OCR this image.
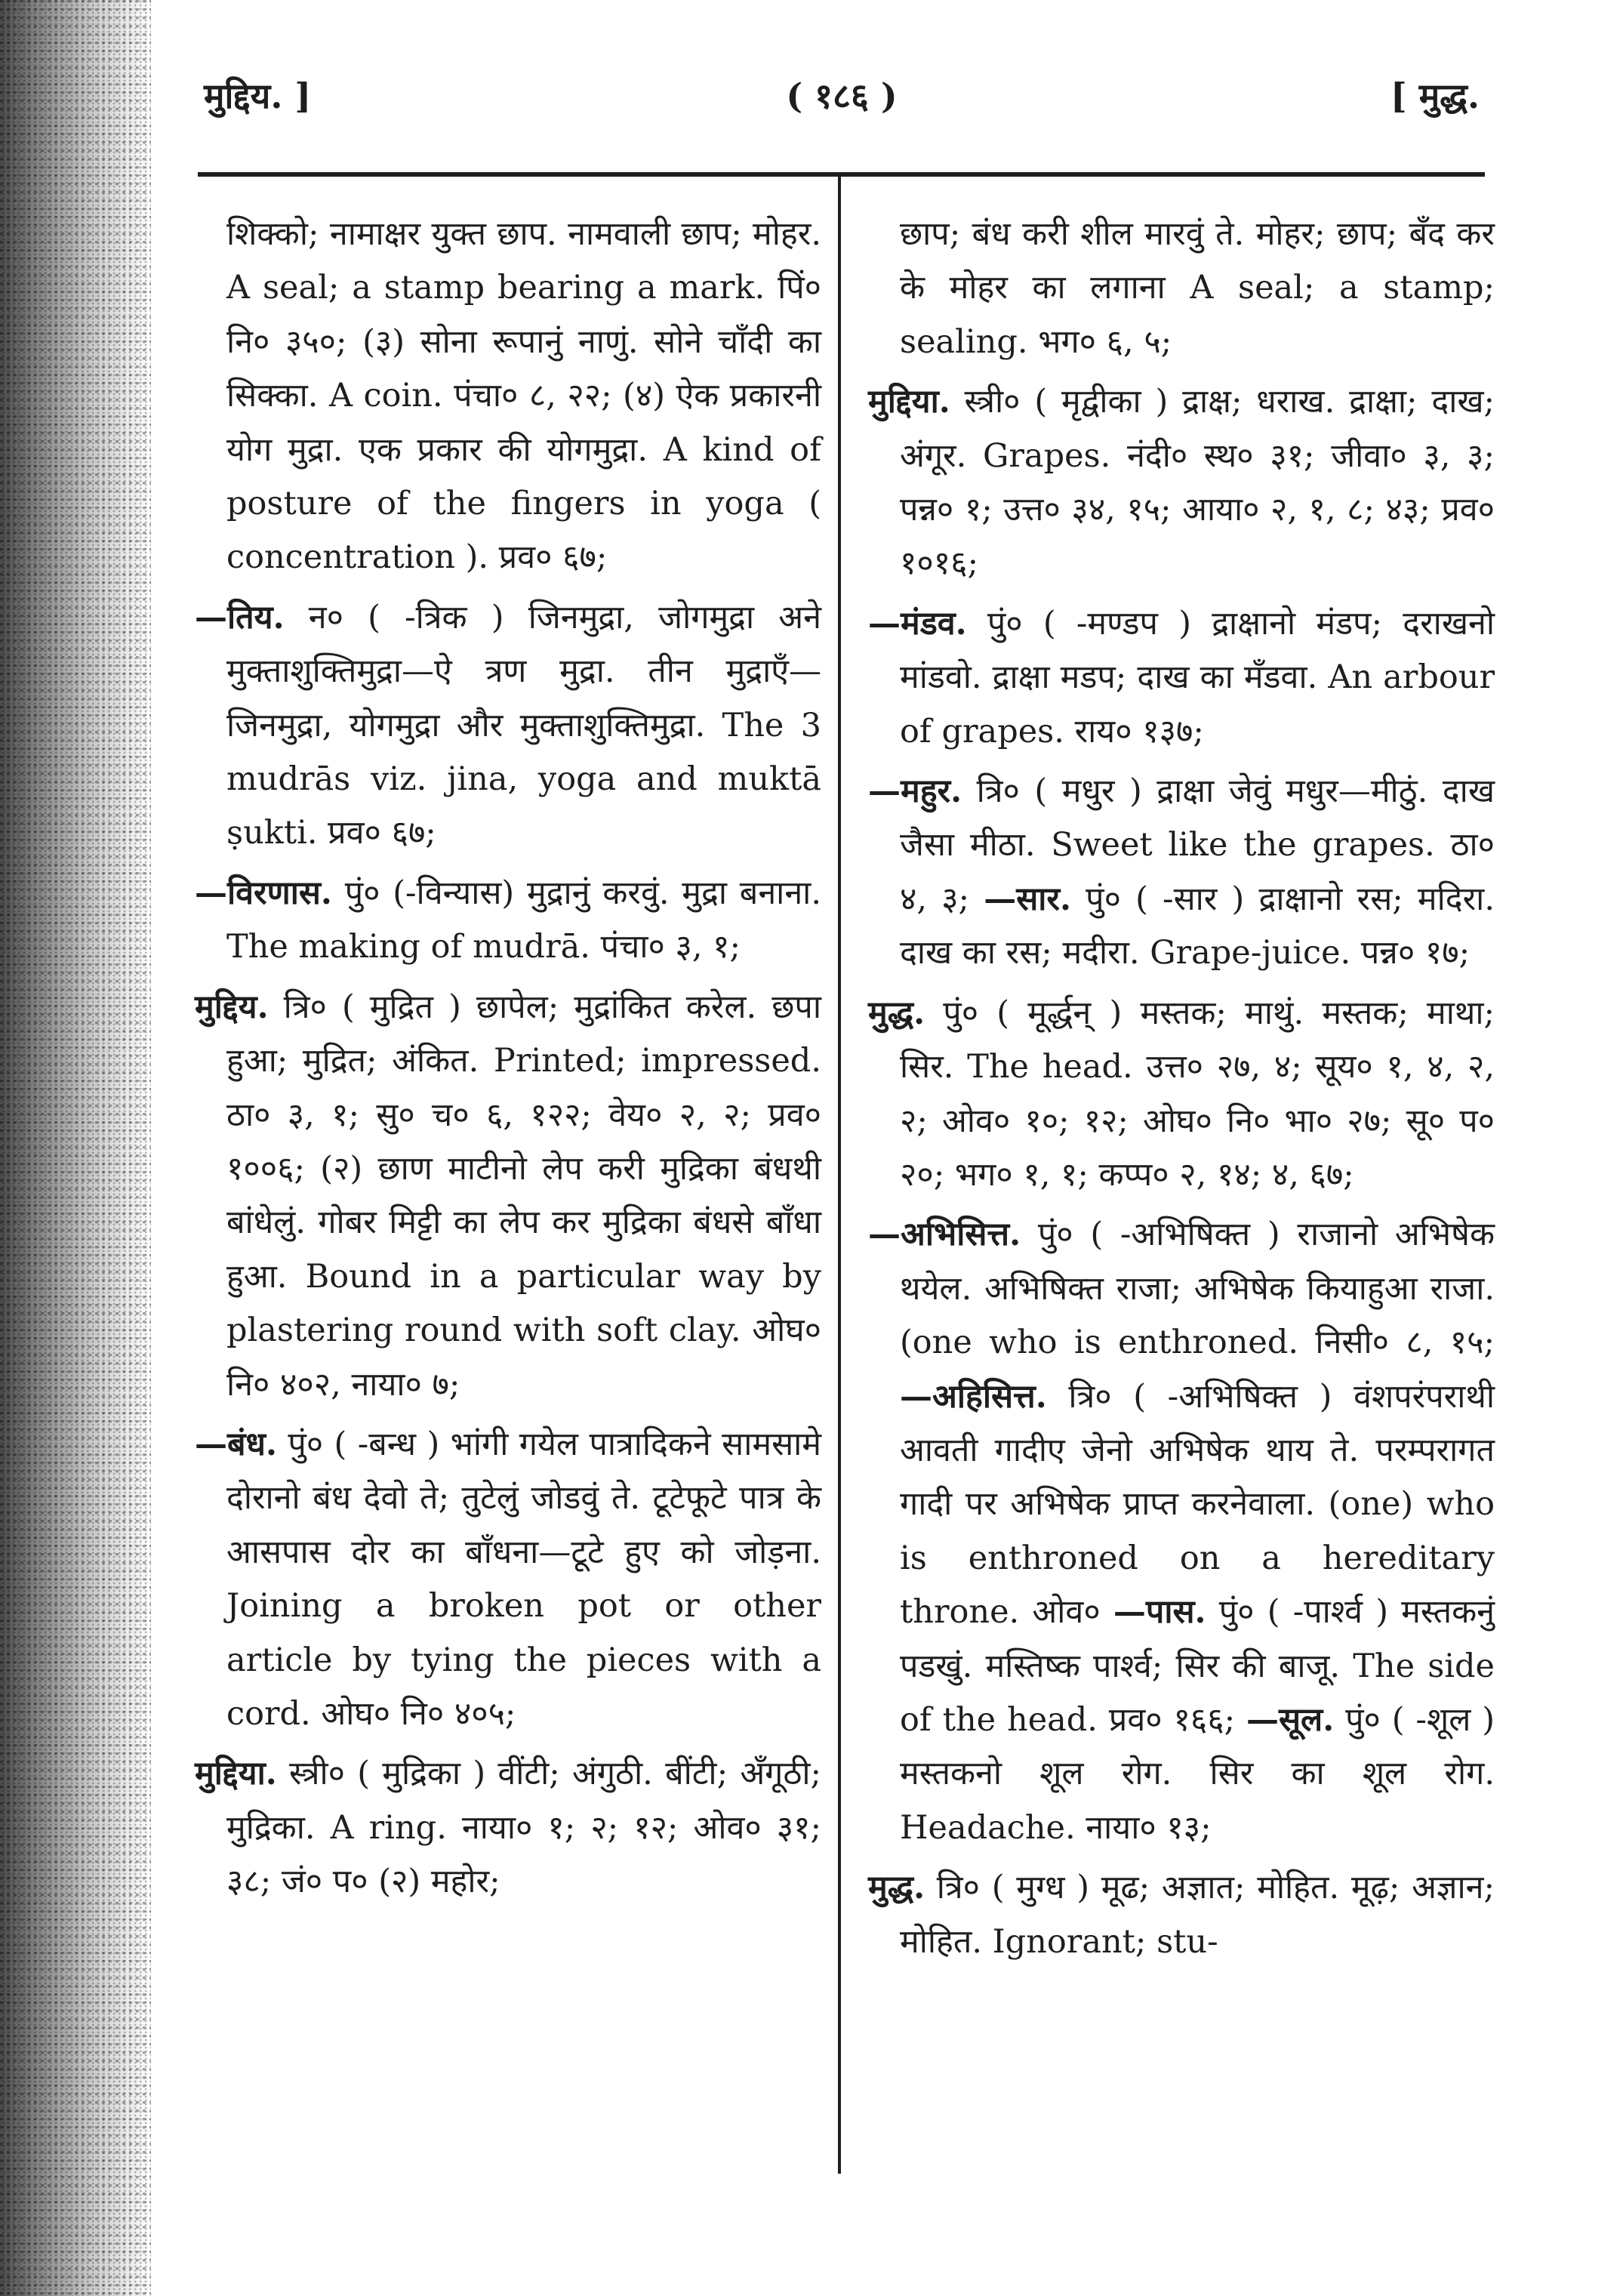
मुद्दिय. ]	( १८६ )	[ मुद्ध.

शिक्को; नामाक्षर युक्त छाप. नामवाली छाप; मोहर. A seal; a stamp bearing a mark. पिं० नि० ३५०; (३) सोना रूपानुं नाणुं. सोने चाँदी का सिक्का. A coin. पंचा० ८, २२; (४) ऐक प्रकारनी योग मुद्रा. एक प्रकार की योगमुद्रा. A kind of posture of the fingers in yoga ( concentration ). प्रव० ६७;

—तिय. न० ( -त्रिक ) जिनमुद्रा, जोगमुद्रा अने मुक्ताशुक्तिमुद्रा—ऐ त्रण मुद्रा. तीन मुद्राएँ—जिनमुद्रा, योगमुद्रा और मुक्ताशुक्तिमुद्रा. The 3 mudrās viz. jina, yoga and muktā ṣukti. प्रव० ६७;

—विरणास. पुं० (-विन्यास) मुद्रानुं करवुं. मुद्रा बनाना. The making of mudrā. पंचा० ३, १;

मुद्दिय. त्रि० ( मुद्रित ) छापेल; मुद्रांकित करेल. छपा हुआ; मुद्रित; अंकित. Printed; impressed. ठा० ३, १; सु० च० ६, १२२; वेय० २, २; प्रव० १००६; (२) छाण माटीनो लेप करी मुद्रिका बंधथी बांधेलुं. गोबर मिट्टी का लेप कर मुद्रिका बंधसे बाँधा हुआ. Bound in a particular way by plastering round with soft clay. ओघ० नि० ४०२, नाया० ७;

—बंध. पुं० ( -बन्ध ) भांगी गयेल पात्रादिकने सामसामे दोरानो बंध देवो ते; तुटेलुं जोडवुं ते. टूटेफूटे पात्र के आसपास दोर का बाँधना—टूटे हुए को जोड़ना. Joining a broken pot or other article by tying the pieces with a cord. ओघ० नि० ४०५;

मुद्दिया. स्त्री० ( मुद्रिका ) वींटी; अंगुठी. बींटी; अँगूठी; मुद्रिका. A ring. नाया० १; २; १२; ओव० ३१; ३८; जं० प० (२) महोर;

छाप; बंध करी शील मारवुं ते. मोहर; छाप; बँद कर के मोहर का लगाना A seal; a stamp; sealing. भग० ६, ५;

मुद्दिया. स्त्री० ( मृद्वीका ) द्राक्ष; धराख. द्राक्षा; दाख; अंगूर. Grapes. नंदी० स्थ० ३१; जीवा० ३, ३; पन्न० १; उत्त० ३४, १५; आया० २, १, ८; ४३; प्रव० १०१६;

—मंडव. पुं० ( -मण्डप ) द्राक्षानो मंडप; दराखनो मांडवो. द्राक्षा मडप; दाख का मँडवा. An arbour of grapes. राय० १३७;

—महुर. त्रि० ( मधुर ) द्राक्षा जेवुं मधुर—मीठुं. दाख जैसा मीठा. Sweet like the grapes. ठा० ४, ३; —सार. पुं० ( -सार ) द्राक्षानो रस; मदिरा. दाख का रस; मदीरा. Grape-juice. पन्न० १७;

मुद्ध. पुं० ( मूर्द्धन् ) मस्तक; माथुं. मस्तक; माथा; सिर. The head. उत्त० २७, ४; सूय० १, ४, २, २; ओव० १०; १२; ओघ० नि० भा० २७; सू० प० २०; भग० १, १; कप्प० २, १४; ४, ६७;

—अभिसित्त. पुं० ( -अभिषिक्त ) राजानो अभिषेक थयेल. अभिषिक्त राजा; अभिषेक कियाहुआ राजा. (one who is enthroned. निसी० ८, १५; —अहिसित्त. त्रि० ( -अभिषिक्त ) वंशपरंपराथी आवती गादीए जेनो अभिषेक थाय ते. परम्परागत गादी पर अभिषेक प्राप्त करनेवाला. (one) who is enthroned on a hereditary throne. ओव० —पास. पुं० ( -पार्श्व ) मस्तकनुं पडखुं. मस्तिष्क पार्श्व; सिर की बाजू. The side of the head. प्रव० १६६; —सूल. पुं० ( -शूल ) मस्तकनो शूल रोग. सिर का शूल रोग. Headache. नाया० १३;

मुद्ध. त्रि० ( मुग्ध ) मूढ; अज्ञात; मोहित. मूढ़; अज्ञान; मोहित. Ignorant; stu-
